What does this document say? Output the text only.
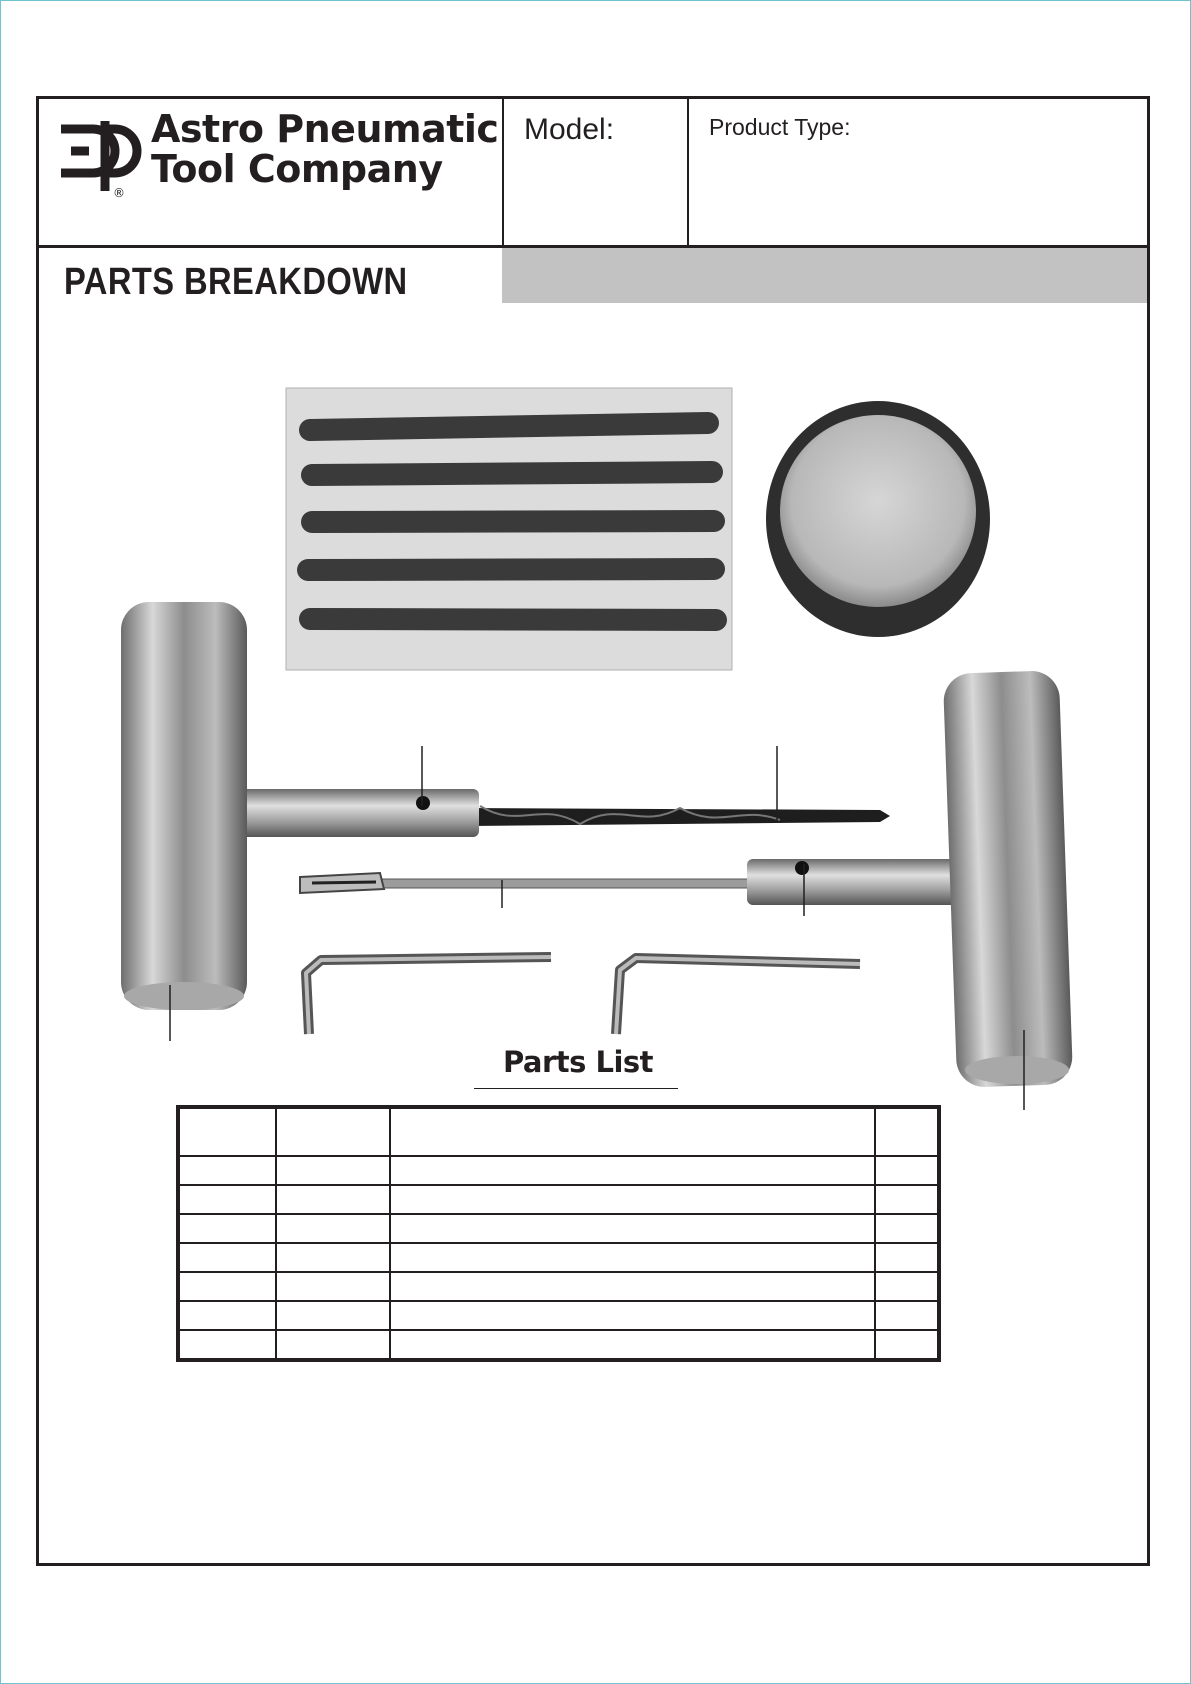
®
Astro Pneumatic
Tool Company
Model:	Product Type:
PARTS BREAKDOWN
Parts List
